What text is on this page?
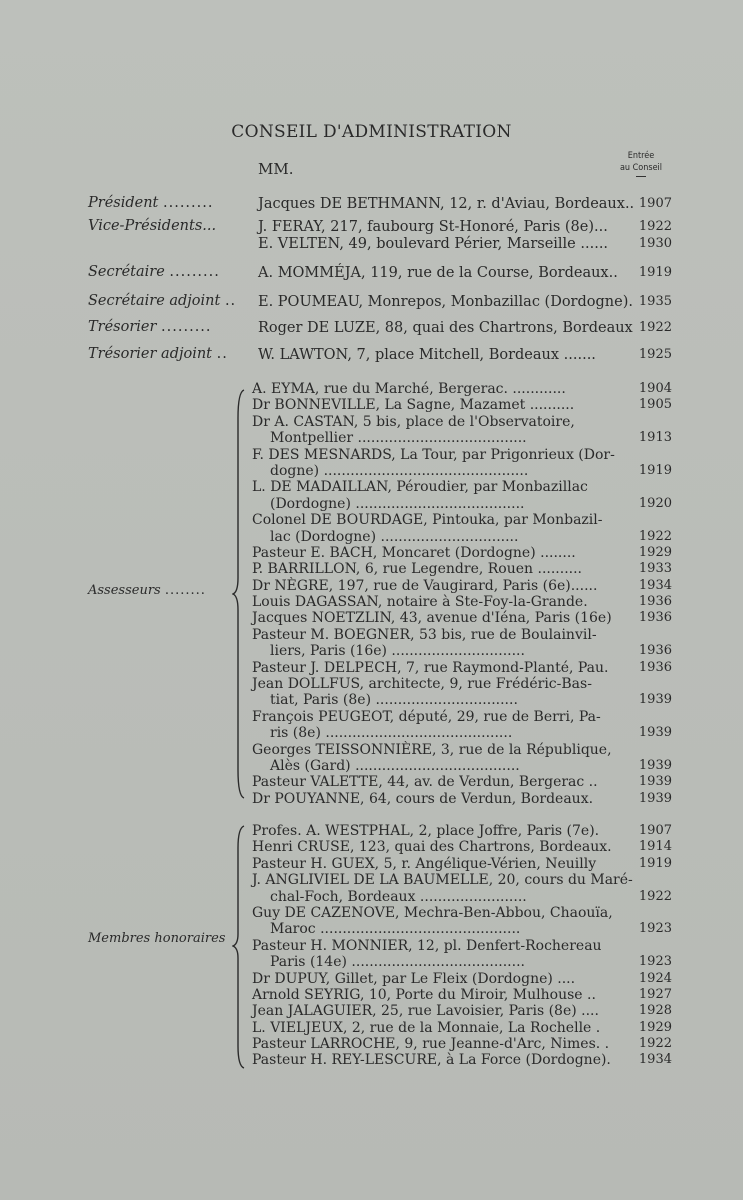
CONSEIL D'ADMINISTRATION
MM.
Entrée
au Conseil
Président .........	Jacques DE BETHMANN, 12, r. d'Aviau, Bordeaux.. 1907
Vice-Présidents...	J. FERAY, 217, faubourg St-Honoré, Paris (8e)... 1922
E. VELTEN, 49, boulevard Périer, Marseille ...... 1930
Secrétaire .........	A. MOMMÉJA, 119, rue de la Course, Bordeaux.. 1919
Secrétaire adjoint .. E. POUMEAU, Monrepos, Monbazillac (Dordogne). 1935
Trésorier .........	Roger DE LUZE, 88, quai des Chartrons, Bordeaux 1922
Trésorier adjoint .. W. LAWTON, 7, place Mitchell, Bordeaux .......	1925
Assesseurs ........
A. EYMA, rue du Marché, Bergerac. ............	1904
Dr BONNEVILLE, La Sagne, Mazamet ..........	1905
Dr A. CASTAN, 5 bis, place de l'Observatoire,
Montpellier ......................................	1913
F. DES MESNARDS, La Tour, par Prigonrieux (Dor-
dogne) ..............................................	1919
L. DE MADAILLAN, Péroudier, par Monbazillac
(Dordogne) ......................................	1920
Colonel DE BOURDAGE, Pintouka, par Monbazil-
lac (Dordogne) ...............................	1922
Pasteur E. BACH, Moncaret (Dordogne) ........	1929
P. BARRILLON, 6, rue Legendre, Rouen ..........	1933
Dr NÈGRE, 197, rue de Vaugirard, Paris (6e)......	1934
Louis DAGASSAN, notaire à Ste-Foy-la-Grande.	1936
Jacques NOETZLIN, 43, avenue d'Iéna, Paris (16e) 1936
Pasteur M. BOEGNER, 53 bis, rue de Boulainvil-
liers, Paris (16e) ..............................	1936
Pasteur J. DELPECH, 7, rue Raymond-Planté, Pau. 1936
Jean DOLLFUS, architecte, 9, rue Frédéric-Bas-
tiat, Paris (8e) ................................	1939
François PEUGEOT, député, 29, rue de Berri, Pa-
ris (8e) ..........................................	1939
Georges TEISSONNIÈRE, 3, rue de la République,
Alès (Gard) .....................................	1939
Pasteur VALETTE, 44, av. de Verdun, Bergerac ..	1939
Dr POUYANNE, 64, cours de Verdun, Bordeaux.	1939
Membres honoraires
Profes. A. WESTPHAL, 2, place Joffre, Paris (7e).	1907
Henri CRUSE, 123, quai des Chartrons, Bordeaux. 1914
Pasteur H. GUEX, 5, r. Angélique-Vérien, Neuilly	1919
J. ANGLIVIEL DE LA BAUMELLE, 20, cours du Maré-
chal-Foch, Bordeaux ........................	1922
Guy DE CAZENOVE, Mechra-Ben-Abbou, Chaouïa,
Maroc .............................................	1923
Pasteur H. MONNIER, 12, pl. Denfert-Rochereau
Paris (14e) .......................................	1923
Dr DUPUY, Gillet, par Le Fleix (Dordogne) ....	1924
Arnold SEYRIG, 10, Porte du Miroir, Mulhouse ..	1927
Jean JALAGUIER, 25, rue Lavoisier, Paris (8e) ....	1928
L. VIELJEUX, 2, rue de la Monnaie, La Rochelle .	1929
Pasteur LARROCHE, 9, rue Jeanne-d'Arc, Nimes. . 1922
Pasteur H. REY-LESCURE, à La Force (Dordogne). 1934
